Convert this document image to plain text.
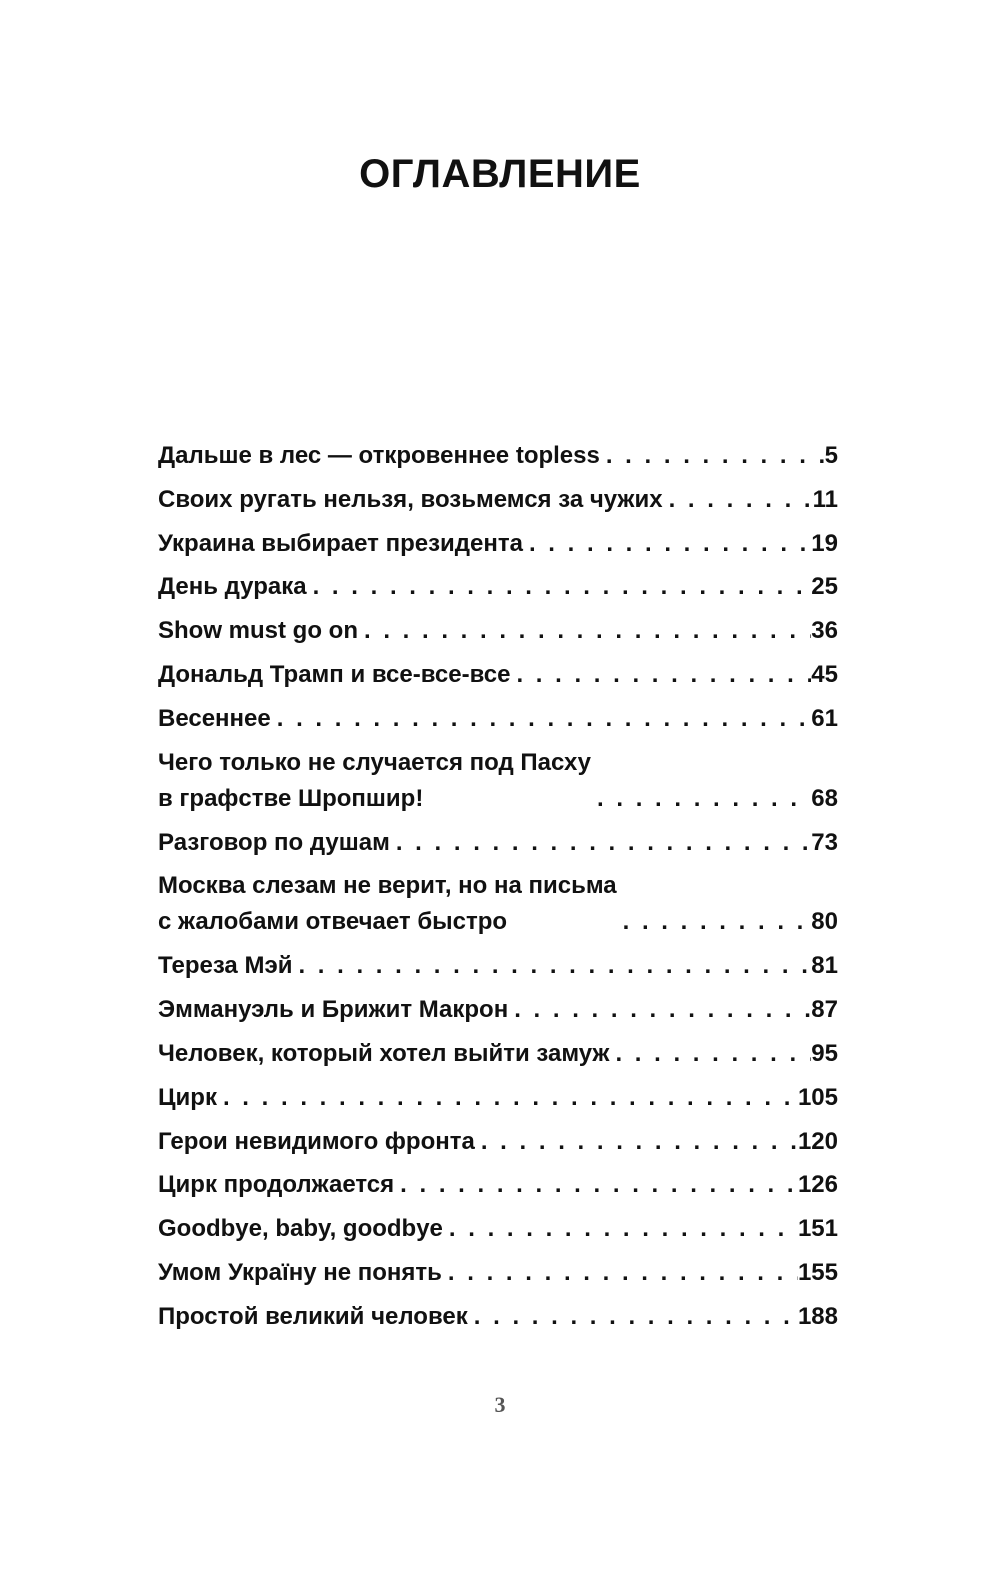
ОГЛАВЛЕНИЕ
Дальше в лес — откровеннее topless . . .	5
Своих ругать нельзя, возьмемся за чужих . . .	11
Украина выбирает президента . . .	19
День дурака . . .	25
Show must go on . . .	36
Дональд Трамп и все-все-все . . .	45
Весеннее . . .	61
Чего только не случается под Пасху
в графстве Шропшир! . . .	68
Разговор по душам . . .	73
Москва слезам не верит, но на письма
с жалобами отвечает быстро . . .	80
Тереза Мэй . . .	81
Эммануэль и Брижит Макрон . . .	87
Человек, который хотел выйти замуж . . .	95
Цирк . . .	105
Герои невидимого фронта . . .	120
Цирк продолжается . . .	126
Goodbye, baby, goodbye . . .	151
Умом Україну не понять . . .	155
Простой великий человек . . .	188
3
